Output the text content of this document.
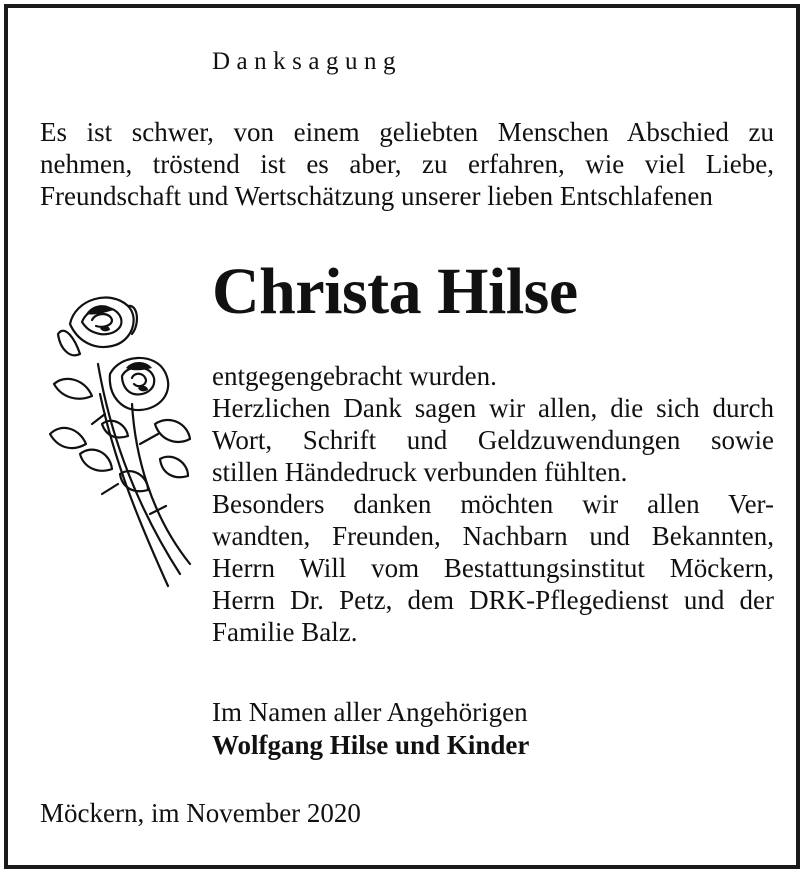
Danksagung
Es ist schwer, von einem geliebten Menschen Abschied zu
nehmen, tröstend ist es aber, zu erfahren, wie viel Liebe,
Freundschaft und Wertschätzung unserer lieben Entschlafenen
Christa Hilse
entgegengebracht wurden.
Herzlichen Dank sagen wir allen, die sich durch
Wort, Schrift und Geldzuwendungen sowie
stillen Händedruck verbunden fühlten.
Besonders danken möchten wir allen Ver-
wandten, Freunden, Nachbarn und Bekannten,
Herrn Will vom Bestattungsinstitut Möckern,
Herrn Dr. Petz, dem DRK-Pflegedienst und der
Familie Balz.
Im Namen aller Angehörigen
Wolfgang Hilse und Kinder
Möckern, im November 2020
